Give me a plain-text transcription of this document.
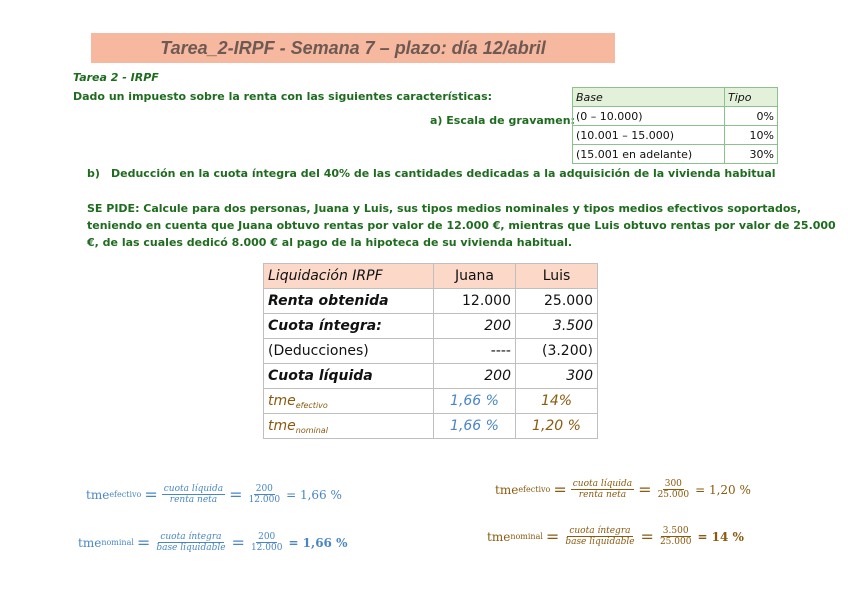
Tarea_2-IRPF - Semana 7 – plazo: día 12/abril
Tarea 2 - IRPF
Dado un impuesto sobre la renta con las siguientes características:
a) Escala de gravamen:
Base	Tipo
(0 – 10.000)	0%
(10.001 – 15.000)	10%
(15.001 en adelante)	30%
b) Deducción en la cuota íntegra del 40% de las cantidades dedicadas a la adquisición de la vivienda habitual
SE PIDE: Calcule para dos personas, Juana y Luis, sus tipos medios nominales y tipos medios efectivos soportados,
teniendo en cuenta que Juana obtuvo rentas por valor de 12.000 €, mientras que Luis obtuvo rentas por valor de 25.000
€, de las cuales dedicó 8.000 € al pago de la hipoteca de su vivienda habitual.
Liquidación IRPF	Juana	Luis
Renta obtenida	12.000	25.000
Cuota íntegra:	200	3.500
(Deducciones)	----	(3.200)
Cuota líquida	200	300
tme$_{efectivo}$	1,66 %	14%
tme$_{nominal}$	1,66 %	1,20 %
tme efectivo = $\frac{\text{cuota líquida}}{\text{renta neta}} = \frac{200}{12.000} = 1,66$ %
tme nominal = $\frac{\text{cuota íntegra}}{\text{base liquidable}} = \frac{200}{12.000} = 1,66$ %
tme efectivo = $\frac{\text{cuota líquida}}{\text{renta neta}} = \frac{300}{25.000} = 1,20$ %
tme nominal = $\frac{\text{cuota íntegra}}{\text{base liquidable}} = \frac{3.500}{25.000} = 14$ %
